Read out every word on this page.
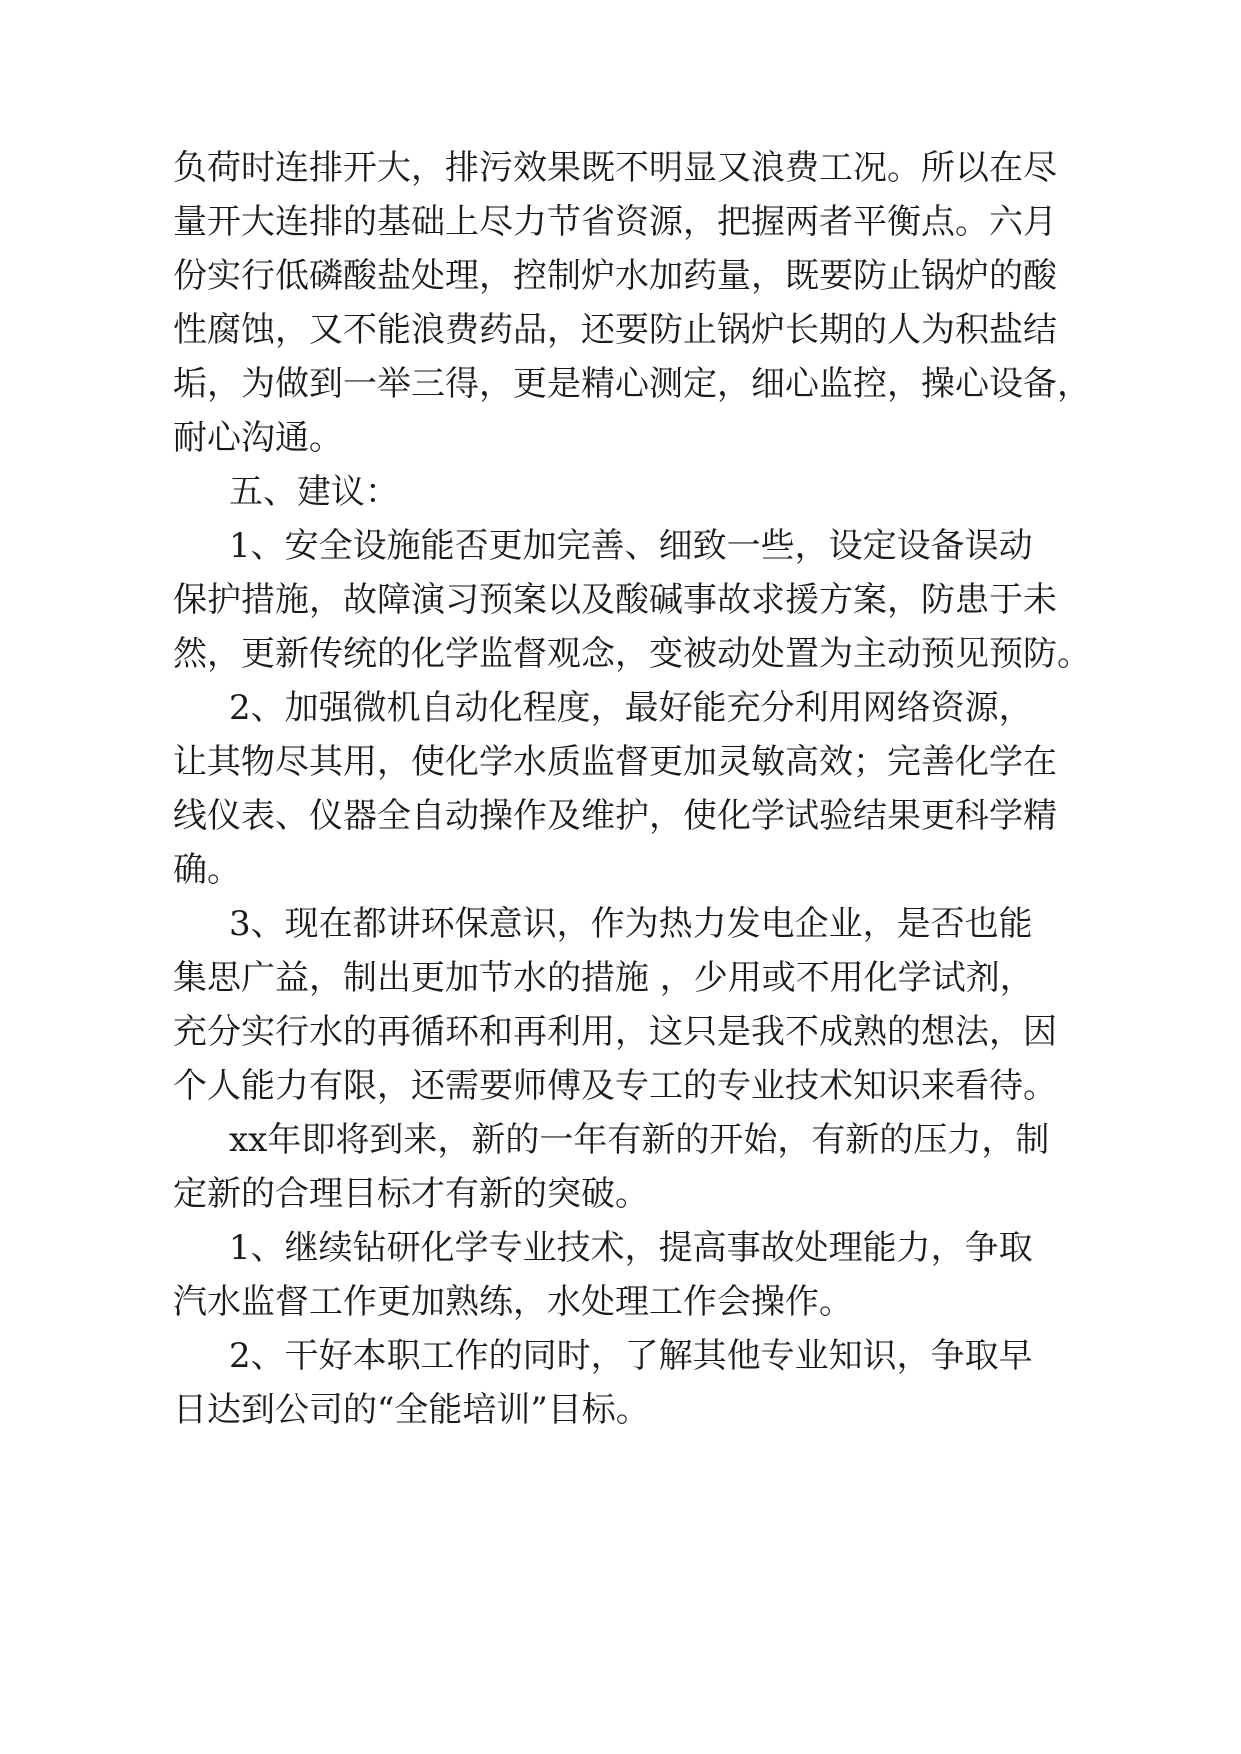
负荷时连排开大，排污效果既不明显又浪费工况。所以在尽
量开大连排的基础上尽力节省资源，把握两者平衡点。六月
份实行低磷酸盐处理，控制炉水加药量，既要防止锅炉的酸
性腐蚀，又不能浪费药品，还要防止锅炉长期的人为积盐结
垢，为做到一举三得，更是精心测定，细心监控，操心设备，
耐心沟通。
五、建议：
1、安全设施能否更加完善、细致一些，设定设备误动
保护措施，故障演习预案以及酸碱事故求援方案，防患于未
然，更新传统的化学监督观念，变被动处置为主动预见预防。
2、加强微机自动化程度，最好能充分利用网络资源，
让其物尽其用，使化学水质监督更加灵敏高效；完善化学在
线仪表、仪器全自动操作及维护，使化学试验结果更科学精
确。
3、现在都讲环保意识，作为热力发电企业，是否也能
集思广益，制出更加节水的措施 ，少用或不用化学试剂，
充分实行水的再循环和再利用，这只是我不成熟的想法，因
个人能力有限，还需要师傅及专工的专业技术知识来看待。
xx年即将到来，新的一年有新的开始，有新的压力，制
定新的合理目标才有新的突破。
1、继续钻研化学专业技术，提高事故处理能力，争取
汽水监督工作更加熟练，水处理工作会操作。
2、干好本职工作的同时，了解其他专业知识，争取早
日达到公司的“全能培训”目标。
